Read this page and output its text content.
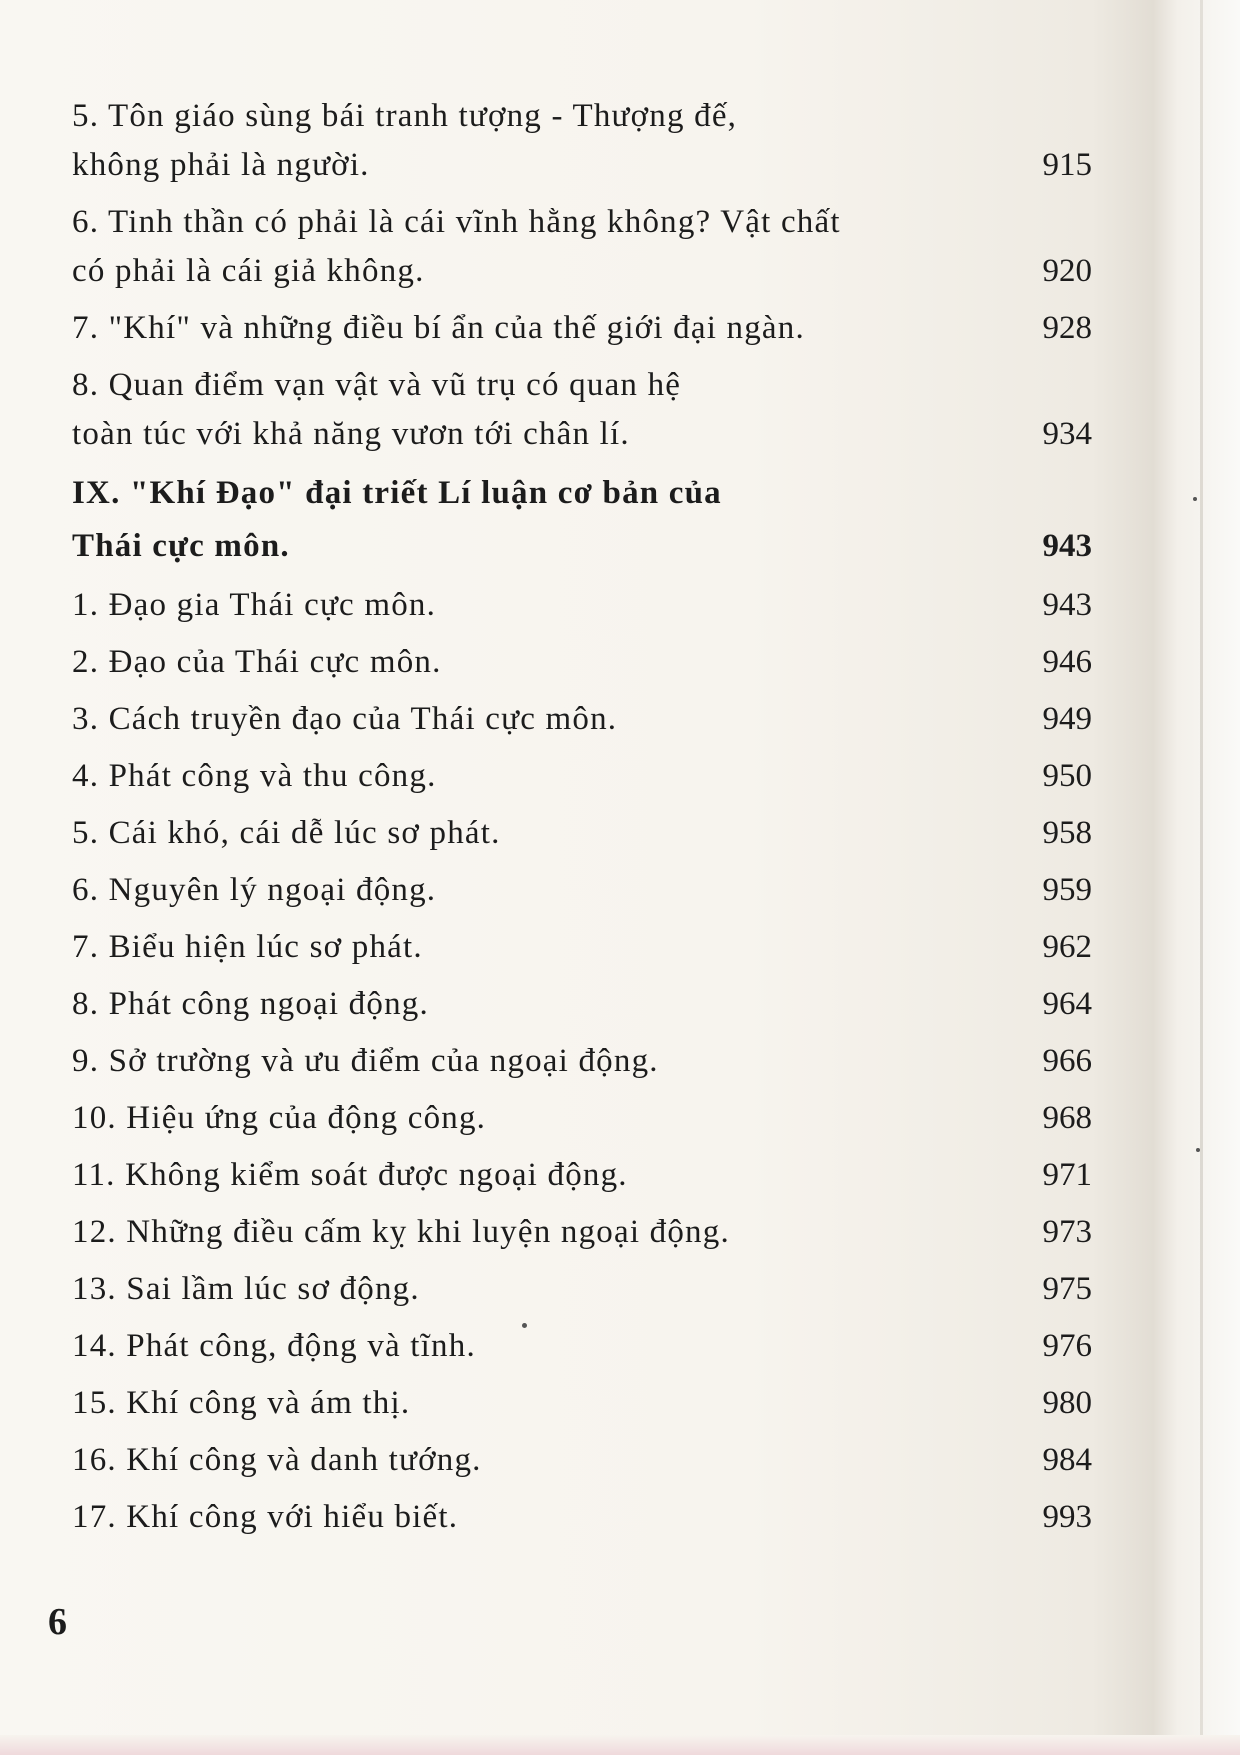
5. Tôn giáo sùng bái tranh tượng - Thượng đế,
không phải là người.	915
6. Tinh thần có phải là cái vĩnh hằng không? Vật chất
có phải là cái giả không.	920
7. "Khí" và những điều bí ẩn của thế giới đại ngàn.	928
8. Quan điểm vạn vật và vũ trụ có quan hệ
toàn túc với khả năng vươn tới chân lí.	934
IX. "Khí Đạo" đại triết Lí luận cơ bản của
Thái cực môn.	943
1. Đạo gia Thái cực môn.	943
2. Đạo của Thái cực môn.	946
3. Cách truyền đạo của Thái cực môn.	949
4. Phát công và thu công.	950
5. Cái khó, cái dễ lúc sơ phát.	958
6. Nguyên lý ngoại động.	959
7. Biểu hiện lúc sơ phát.	962
8. Phát công ngoại động.	964
9. Sở trường và ưu điểm của ngoại động.	966
10. Hiệu ứng của động công.	968
11. Không kiểm soát được ngoại động.	971
12. Những điều cấm kỵ khi luyện ngoại động.	973
13. Sai lầm lúc sơ động.	975
14. Phát công, động và tĩnh.	976
15. Khí công và ám thị.	980
16. Khí công và danh tướng.	984
17. Khí công với hiểu biết.	993
6
